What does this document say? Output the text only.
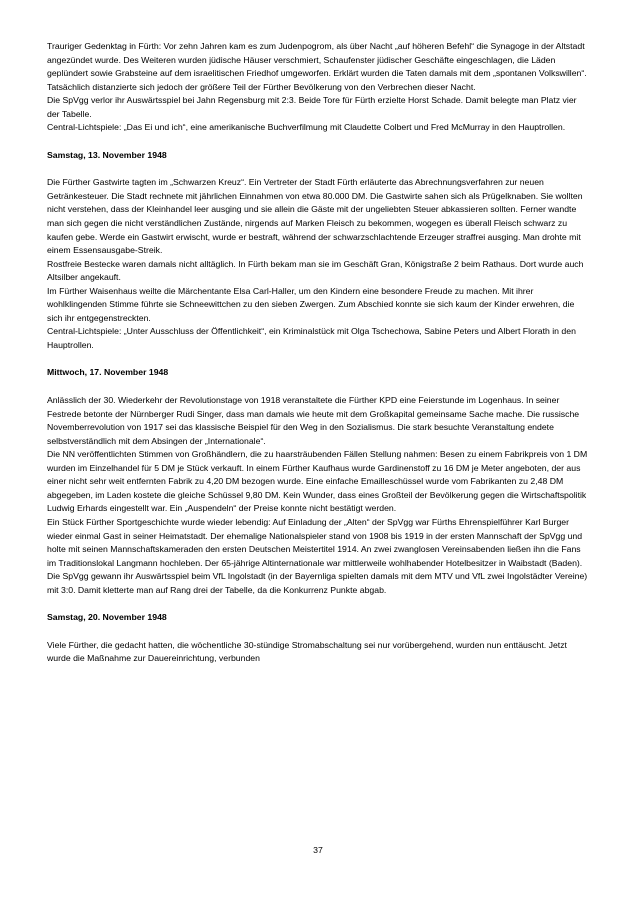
Trauriger Gedenktag in Fürth: Vor zehn Jahren kam es zum Judenpogrom, als über Nacht „auf höheren Befehl“ die Synagoge in der Altstadt angezündet wurde. Des Weiteren wurden jüdische Häuser verschmiert, Schaufenster jüdischer Geschäfte eingeschlagen, die Läden geplündert sowie Grabsteine auf dem israelitischen Friedhof umgeworfen. Erklärt wurden die Taten damals mit dem „spontanen Volkswillen“. Tatsächlich distanzierte sich jedoch der größere Teil der Fürther Bevölkerung von den Verbrechen dieser Nacht.

Die SpVgg verlor ihr Auswärtsspiel bei Jahn Regensburg mit 2:3. Beide Tore für Fürth erzielte Horst Schade. Damit belegte man Platz vier der Tabelle.

Central-Lichtspiele: „Das Ei und ich“, eine amerikanische Buchverfilmung mit Claudette Colbert und Fred McMurray in den Hauptrollen.

Samstag, 13. November 1948

Die Fürther Gastwirte tagten im „Schwarzen Kreuz“. Ein Vertreter der Stadt Fürth erläuterte das Abrechnungsverfahren zur neuen Getränkesteuer. Die Stadt rechnete mit jährlichen Einnahmen von etwa 80.000 DM. Die Gastwirte sahen sich als Prügelknaben. Sie wollten nicht verstehen, dass der Kleinhandel leer ausging und sie allein die Gäste mit der ungeliebten Steuer abkassieren sollten. Ferner wandte man sich gegen die nicht verständlichen Zustände, nirgends auf Marken Fleisch zu bekommen, wogegen es überall Fleisch schwarz zu kaufen gebe. Werde ein Gastwirt erwischt, wurde er bestraft, während der schwarzschlachtende Erzeuger straffrei ausging. Man drohte mit einem Essensausgabe-Streik.

Rostfreie Bestecke waren damals nicht alltäglich. In Fürth bekam man sie im Geschäft Gran, Königstraße 2 beim Rathaus. Dort wurde auch Altsilber angekauft.

Im Fürther Waisenhaus weilte die Märchentante Elsa Carl-Haller, um den Kindern eine besondere Freude zu machen. Mit ihrer wohlklingenden Stimme führte sie Schneewittchen zu den sieben Zwergen. Zum Abschied konnte sie sich kaum der Kinder erwehren, die sich ihr entgegenstreckten.

Central-Lichtspiele: „Unter Ausschluss der Öffentlichkeit“, ein Kriminalstück mit Olga Tschechowa, Sabine Peters und Albert Florath in den Hauptrollen.

Mittwoch, 17. November 1948

Anlässlich der 30. Wiederkehr der Revolutionstage von 1918 veranstaltete die Fürther KPD eine Feierstunde im Logenhaus. In seiner Festrede betonte der Nürnberger Rudi Singer, dass man damals wie heute mit dem Großkapital gemeinsame Sache mache. Die russische Novemberrevolution von 1917 sei das klassische Beispiel für den Weg in den Sozialismus. Die stark besuchte Veranstaltung endete selbstverständlich mit dem Absingen der „Internationale“.

Die NN veröffentlichten Stimmen von Großhändlern, die zu haarsträubenden Fällen Stellung nahmen: Besen zu einem Fabrikpreis von 1 DM wurden im Einzelhandel für 5 DM je Stück verkauft. In einem Fürther Kaufhaus wurde Gardinenstoff zu 16 DM je Meter angeboten, der aus einer nicht sehr weit entfernten Fabrik zu 4,20 DM bezogen wurde. Eine einfache Emailleschüssel wurde vom Fabrikanten zu 2,48 DM abgegeben, im Laden kostete die gleiche Schüssel 9,80 DM. Kein Wunder, dass eines Großteil der Bevölkerung gegen die Wirtschaftspolitik Ludwig Erhards eingestellt war. Ein „Auspendeln“ der Preise konnte nicht bestätigt werden.

Ein Stück Fürther Sportgeschichte wurde wieder lebendig: Auf Einladung der „Alten“ der SpVgg war Fürths Ehrenspielführer Karl Burger wieder einmal Gast in seiner Heimatstadt. Der ehemalige Nationalspieler stand von 1908 bis 1919 in der ersten Mannschaft der SpVgg und holte mit seinen Mannschaftskameraden den ersten Deutschen Meistertitel 1914. An zwei zwanglosen Vereinsabenden ließen ihn die Fans im Traditionslokal Langmann hochleben. Der 65-jährige Altinternationale war mittlerweile wohlhabender Hotelbesitzer in Waibstadt (Baden).

Die SpVgg gewann ihr Auswärtsspiel beim VfL Ingolstadt (in der Bayernliga spielten damals mit dem MTV und VfL zwei Ingolstädter Vereine) mit 3:0. Damit kletterte man auf Rang drei der Tabelle, da die Konkurrenz Punkte abgab.

Samstag, 20. November 1948

Viele Fürther, die gedacht hatten, die wöchentliche 30-stündige Stromabschaltung sei nur vorübergehend, wurden nun enttäuscht. Jetzt wurde die Maßnahme zur Dauereinrichtung, verbunden

37
